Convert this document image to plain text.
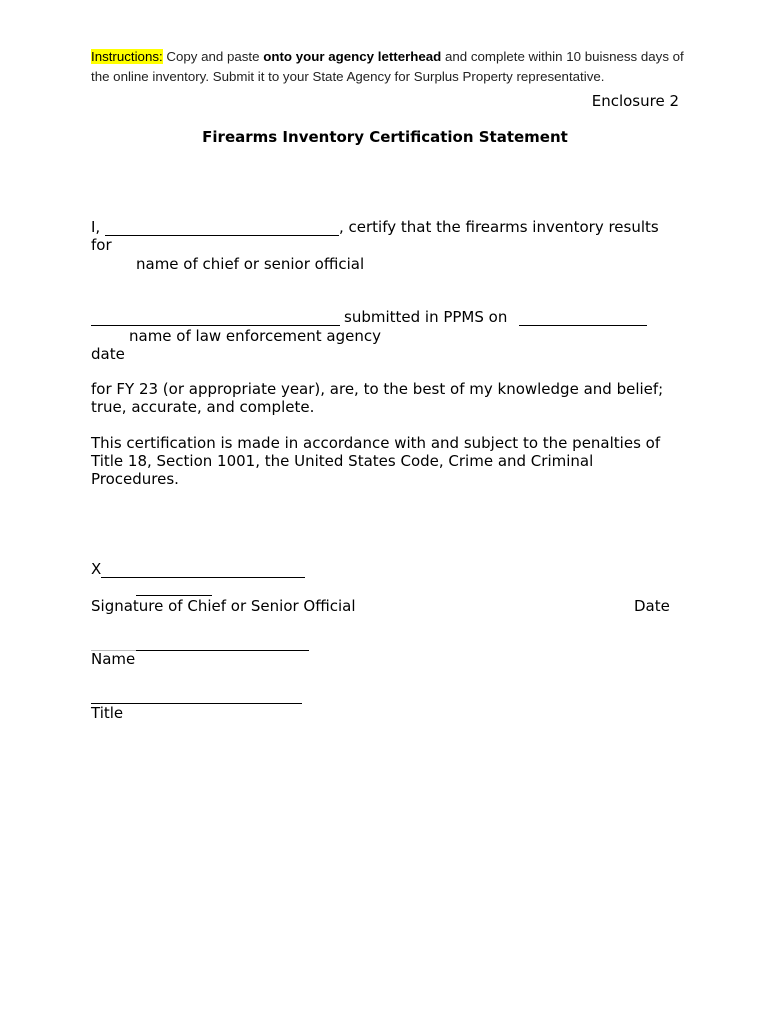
Instructions: Copy and paste onto your agency letterhead and complete within 10 buisness days of the online inventory. Submit it to your State Agency for Surplus Property representative.
Enclosure 2
Firearms Inventory Certification Statement
I,	, certify that the firearms inventory results
for
name of chief or senior official
submitted in PPMS on
name of law enforcement agency
date
for FY 23 (or appropriate year), are, to the best of my knowledge and belief; true, accurate, and complete.
This certification is made in accordance with and subject to the penalties of Title 18, Section 1001, the United States Code, Crime and Criminal Procedures.
X
Signature of Chief or Senior Official	Date
Name
Title
